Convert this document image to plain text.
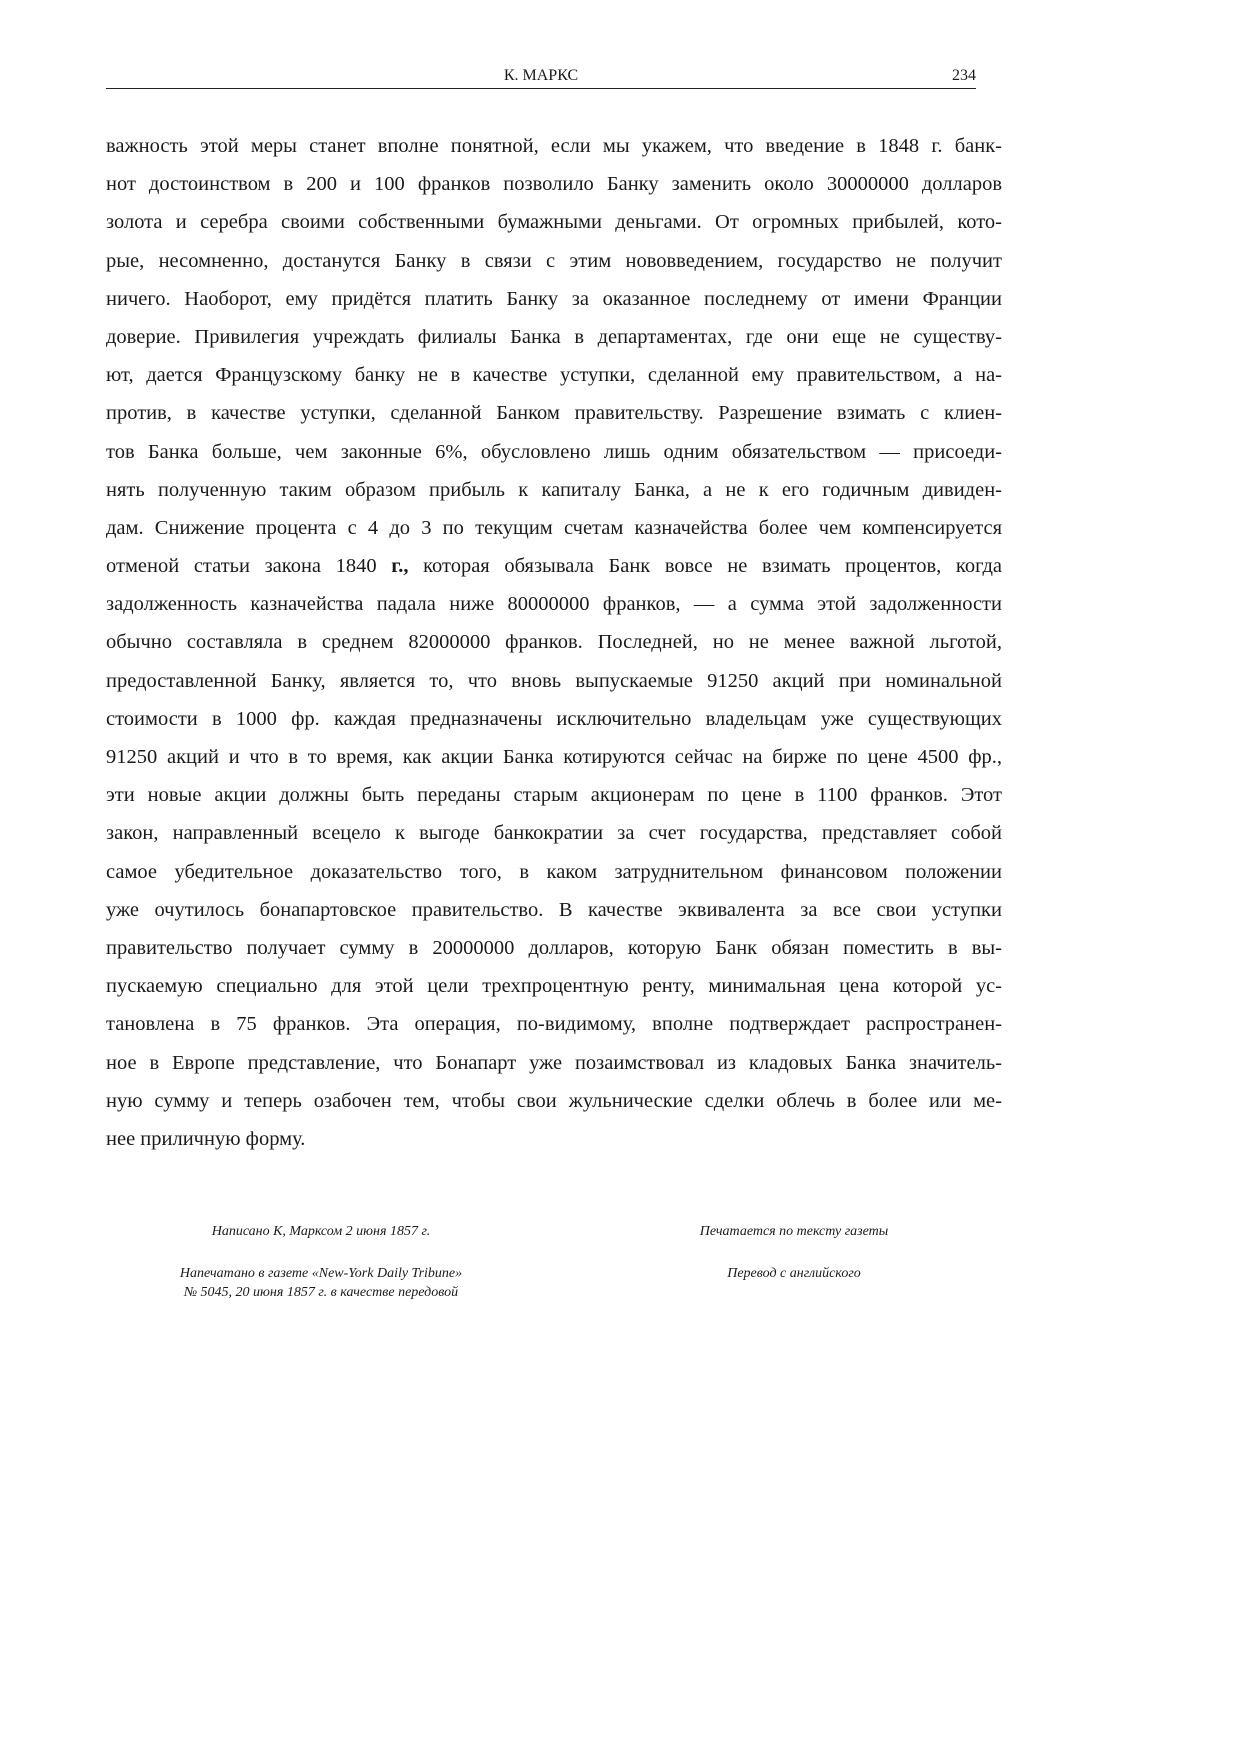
К. МАРКС	234
важность этой меры станет вполне понятной, если мы укажем, что введение в 1848 г. банк-
нот достоинством в 200 и 100 франков позволило Банку заменить около 30000000 долларов
золота и серебра своими собственными бумажными деньгами. От огромных прибылей, кото-
рые, несомненно, достанутся Банку в связи с этим нововведением, государство не получит
ничего. Наоборот, ему придётся платить Банку за оказанное последнему от имени Франции
доверие. Привилегия учреждать филиалы Банка в департаментах, где они еще не существу-
ют, дается Французскому банку не в качестве уступки, сделанной ему правительством, а на-
против, в качестве уступки, сделанной Банком правительству. Разрешение взимать с клиен-
тов Банка больше, чем законные 6%, обусловлено лишь одним обязательством — присоеди-
нять полученную таким образом прибыль к капиталу Банка, а не к его годичным дивиден-
дам. Снижение процента с 4 до 3 по текущим счетам казначейства более чем компенсируется
отменой статьи закона 1840 г., которая обязывала Банк вовсе не взимать процентов, когда
задолженность казначейства падала ниже 80000000 франков, — а сумма этой задолженности
обычно составляла в среднем 82000000 франков. Последней, но не менее важной льготой,
предоставленной Банку, является то, что вновь выпускаемые 91250 акций при номинальной
стоимости в 1000 фр. каждая предназначены исключительно владельцам уже существующих
91250 акций и что в то время, как акции Банка котируются сейчас на бирже по цене 4500 фр.,
эти новые акции должны быть переданы старым акционерам по цене в 1100 франков. Этот
закон, направленный всецело к выгоде банкократии за счет государства, представляет собой
самое убедительное доказательство того, в каком затруднительном финансовом положении
уже очутилось бонапартовское правительство. В качестве эквивалента за все свои уступки
правительство получает сумму в 20000000 долларов, которую Банк обязан поместить в вы-
пускаемую специально для этой цели трехпроцентную ренту, минимальная цена которой ус-
тановлена в 75 франков. Эта операция, по-видимому, вполне подтверждает распространен-
ное в Европе представление, что Бонапарт уже позаимствовал из кладовых Банка значитель-
ную сумму и теперь озабочен тем, чтобы свои жульнические сделки облечь в более или ме-
нее приличную форму.
Написано К, Марксом 2 июня 1857 г.
Напечатано в газете «New-York Daily Tribune»
№ 5045, 20 июня 1857 г. в качестве передовой
Печатается по тексту газеты
Перевод с английского
